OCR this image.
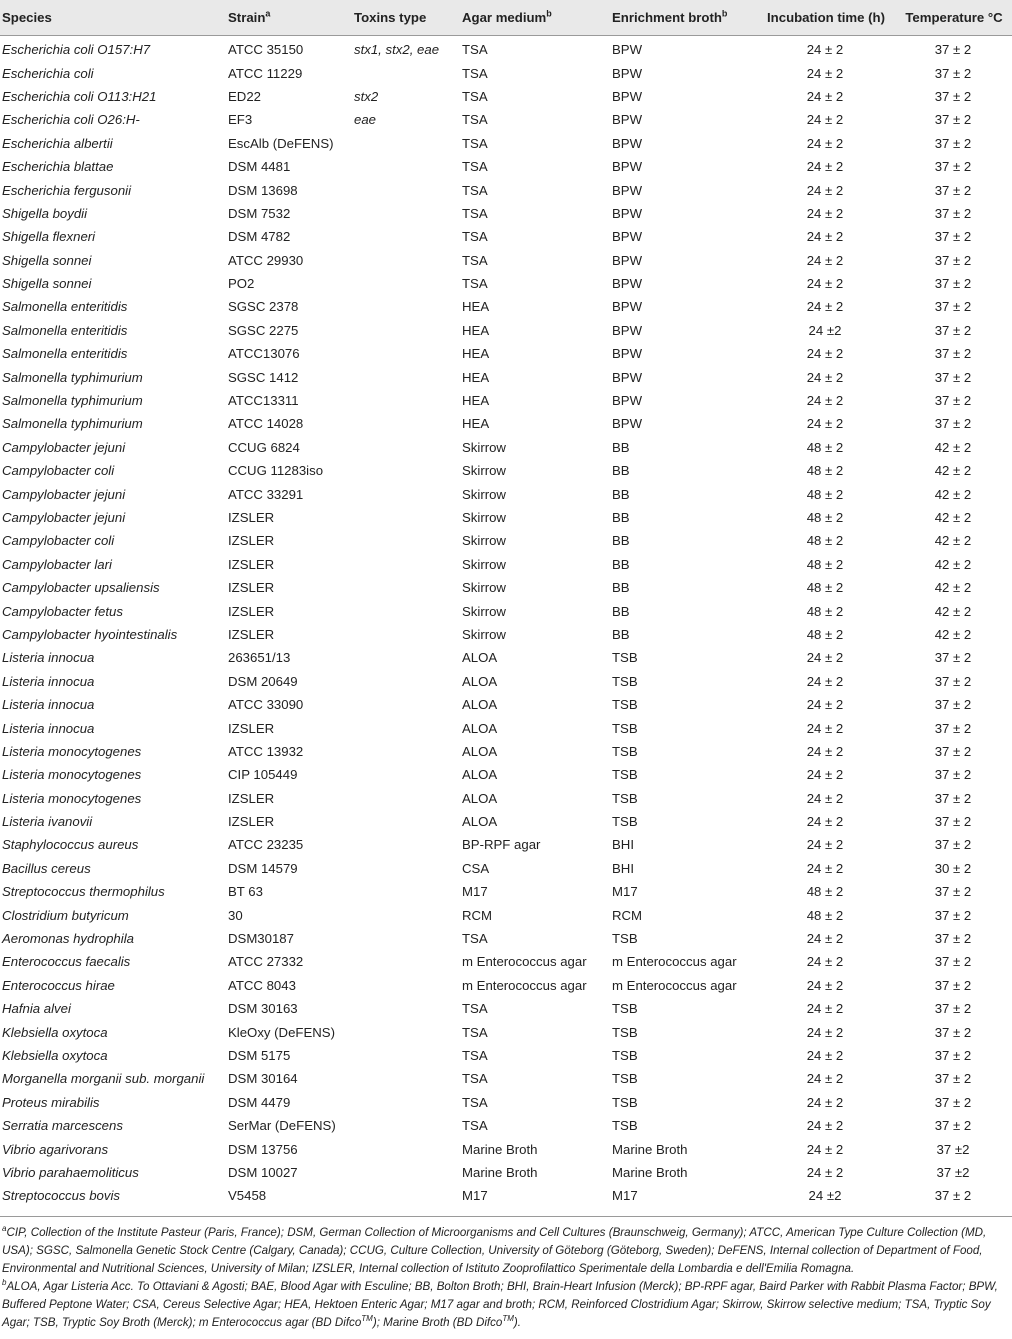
Species	Strain$^a$	Toxins type	Agar medium$^b$	Enrichment broth$^b$	Incubation time (h)	Temperature °C
Escherichia coli O157:H7	ATCC 35150	stx1, stx2, eae	TSA	BPW	24 ± 2	37 ± 2
Escherichia coli	ATCC 11229		TSA	BPW	24 ± 2	37 ± 2
Escherichia coli O113:H21	ED22	stx2	TSA	BPW	24 ± 2	37 ± 2
Escherichia coli O26:H-	EF3	eae	TSA	BPW	24 ± 2	37 ± 2
Escherichia albertii	EscAlb (DeFENS)		TSA	BPW	24 ± 2	37 ± 2
Escherichia blattae	DSM 4481		TSA	BPW	24 ± 2	37 ± 2
Escherichia fergusonii	DSM 13698		TSA	BPW	24 ± 2	37 ± 2
Shigella boydii	DSM 7532		TSA	BPW	24 ± 2	37 ± 2
Shigella flexneri	DSM 4782		TSA	BPW	24 ± 2	37 ± 2
Shigella sonnei	ATCC 29930		TSA	BPW	24 ± 2	37 ± 2
Shigella sonnei	PO2		TSA	BPW	24 ± 2	37 ± 2
Salmonella enteritidis	SGSC 2378		HEA	BPW	24 ± 2	37 ± 2
Salmonella enteritidis	SGSC 2275		HEA	BPW	24 ±2	37 ± 2
Salmonella enteritidis	ATCC13076		HEA	BPW	24 ± 2	37 ± 2
Salmonella typhimurium	SGSC 1412		HEA	BPW	24 ± 2	37 ± 2
Salmonella typhimurium	ATCC13311		HEA	BPW	24 ± 2	37 ± 2
Salmonella typhimurium	ATCC 14028		HEA	BPW	24 ± 2	37 ± 2
Campylobacter jejuni	CCUG 6824		Skirrow	BB	48 ± 2	42 ± 2
Campylobacter coli	CCUG 11283iso		Skirrow	BB	48 ± 2	42 ± 2
Campylobacter jejuni	ATCC 33291		Skirrow	BB	48 ± 2	42 ± 2
Campylobacter jejuni	IZSLER		Skirrow	BB	48 ± 2	42 ± 2
Campylobacter coli	IZSLER		Skirrow	BB	48 ± 2	42 ± 2
Campylobacter lari	IZSLER		Skirrow	BB	48 ± 2	42 ± 2
Campylobacter upsaliensis	IZSLER		Skirrow	BB	48 ± 2	42 ± 2
Campylobacter fetus	IZSLER		Skirrow	BB	48 ± 2	42 ± 2
Campylobacter hyointestinalis	IZSLER		Skirrow	BB	48 ± 2	42 ± 2
Listeria innocua	263651/13		ALOA	TSB	24 ± 2	37 ± 2
Listeria innocua	DSM 20649		ALOA	TSB	24 ± 2	37 ± 2
Listeria innocua	ATCC 33090		ALOA	TSB	24 ± 2	37 ± 2
Listeria innocua	IZSLER		ALOA	TSB	24 ± 2	37 ± 2
Listeria monocytogenes	ATCC 13932		ALOA	TSB	24 ± 2	37 ± 2
Listeria monocytogenes	CIP 105449		ALOA	TSB	24 ± 2	37 ± 2
Listeria monocytogenes	IZSLER		ALOA	TSB	24 ± 2	37 ± 2
Listeria ivanovii	IZSLER		ALOA	TSB	24 ± 2	37 ± 2
Staphylococcus aureus	ATCC 23235		BP-RPF agar	BHI	24 ± 2	37 ± 2
Bacillus cereus	DSM 14579		CSA	BHI	24 ± 2	30 ± 2
Streptococcus thermophilus	BT 63		M17	M17	48 ± 2	37 ± 2
Clostridium butyricum	30		RCM	RCM	48 ± 2	37 ± 2
Aeromonas hydrophila	DSM30187		TSA	TSB	24 ± 2	37 ± 2
Enterococcus faecalis	ATCC 27332		m Enterococcus agar	m Enterococcus agar	24 ± 2	37 ± 2
Enterococcus hirae	ATCC 8043		m Enterococcus agar	m Enterococcus agar	24 ± 2	37 ± 2
Hafnia alvei	DSM 30163		TSA	TSB	24 ± 2	37 ± 2
Klebsiella oxytoca	KleOxy (DeFENS)		TSA	TSB	24 ± 2	37 ± 2
Klebsiella oxytoca	DSM 5175		TSA	TSB	24 ± 2	37 ± 2
Morganella morganii sub. morganii	DSM 30164		TSA	TSB	24 ± 2	37 ± 2
Proteus mirabilis	DSM 4479		TSA	TSB	24 ± 2	37 ± 2
Serratia marcescens	SerMar (DeFENS)		TSA	TSB	24 ± 2	37 ± 2
Vibrio agarivorans	DSM 13756		Marine Broth	Marine Broth	24 ± 2	37 ±2
Vibrio parahaemoliticus	DSM 10027		Marine Broth	Marine Broth	24 ± 2	37 ±2
Streptococcus bovis	V5458		M17	M17	24 ±2	37 ± 2

$^a$CIP, Collection of the Institute Pasteur (Paris, France); DSM, German Collection of Microorganisms and Cell Cultures (Braunschweig, Germany); ATCC, American Type Culture Collection (MD, USA); SGSC, Salmonella Genetic Stock Centre (Calgary, Canada); CCUG, Culture Collection, University of Göteborg (Göteborg, Sweden); DeFENS, Internal collection of Department of Food, Environmental and Nutritional Sciences, University of Milan; IZSLER, Internal collection of Istituto Zooprofilattico Sperimentale della Lombardia e dell'Emilia Romagna.

$^b$ALOA, Agar Listeria Acc. To Ottaviani & Agosti; BAE, Blood Agar with Esculine; BB, Bolton Broth; BHI, Brain-Heart Infusion (Merck); BP-RPF agar, Baird Parker with Rabbit Plasma Factor; BPW, Buffered Peptone Water; CSA, Cereus Selective Agar; HEA, Hektoen Enteric Agar; M17 agar and broth; RCM, Reinforced Clostridium Agar; Skirrow, Skirrow selective medium; TSA, Tryptic Soy Agar; TSB, Tryptic Soy Broth (Merck); m Enterococcus agar (BD Difco™); Marine Broth (BD Difco™).
